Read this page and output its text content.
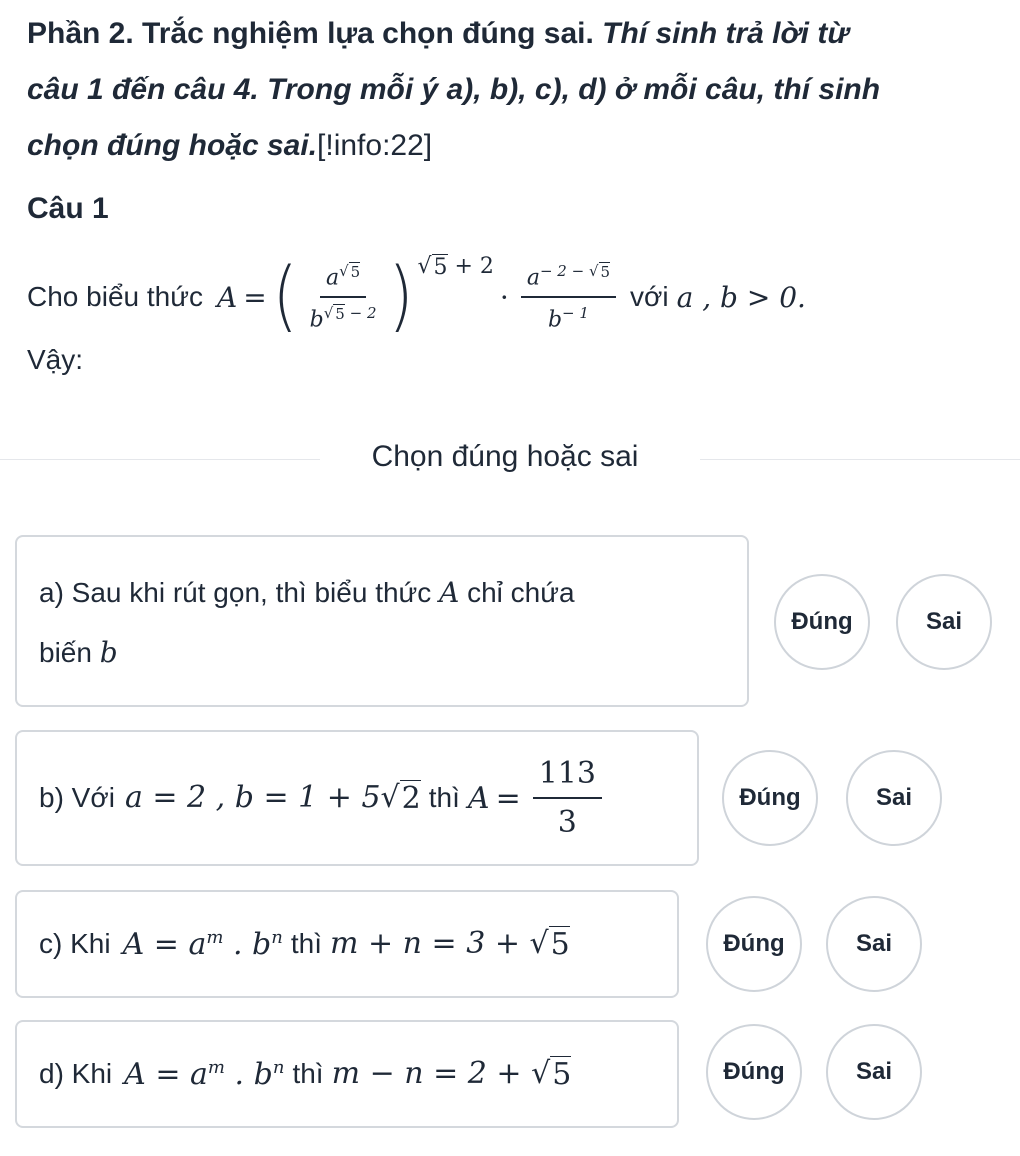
Phần 2. Trắc nghiệm lựa chọn đúng sai. Thí sinh trả lời từ
câu 1 đến câu 4. Trong mỗi ý a), b), c), d) ở mỗi câu, thí sinh
chọn đúng hoặc sai.[!info:22]
Câu 1
Cho biểu thức A = ( $\frac{a ^{√ 5}}{b ^{√ 5 - 2}}$ ) √ 5 + 2
· $\frac{a^{- 2 - √ 5}}{b^{- 1}}$ với a , b > 0.
Vậy:
Chọn đúng hoặc sai
a) Sau khi rút gọn, thì biểu thức A chỉ chứa
biến b
Đúng	Sai
b) Với a = 2 , b = 1 + 5 √ 2 thì $A = \frac{113}{3}$	Đúng	Sai
c) Khi $A = a^m$ . $b^n$ thì m + n = 3 + √ 5	Đúng	Sai
d) Khi $A = a^m$ . $b^n$ thì m − n = 2 + √ 5	Đúng	Sai
